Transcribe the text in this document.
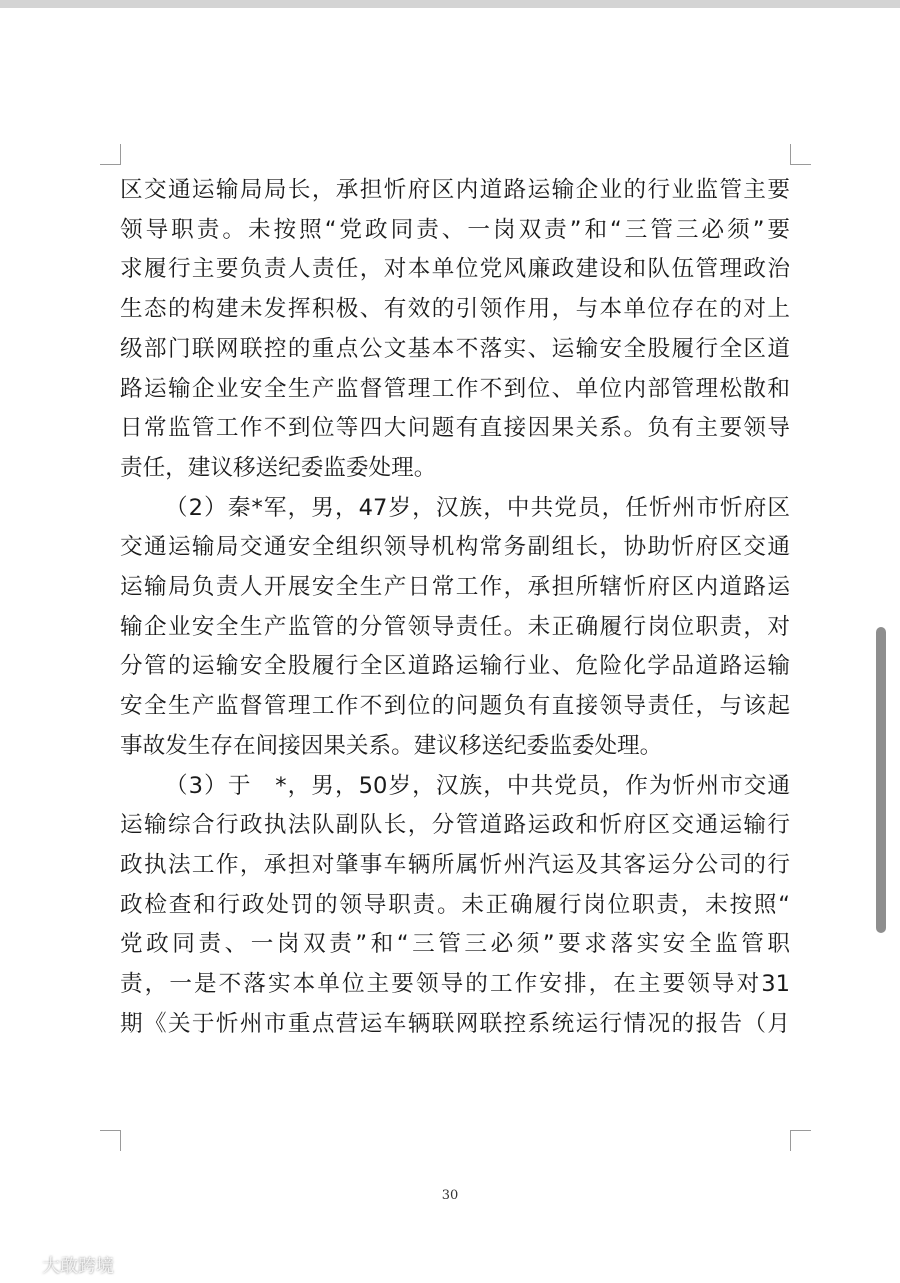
区交通运输局局长，承担忻府区内道路运输企业的行业监管主要

领导职责。未按照“党政同责、一岗双责”和“三管三必须”要

求履行主要负责人责任，对本单位党风廉政建设和队伍管理政治

生态的构建未发挥积极、有效的引领作用，与本单位存在的对上

级部门联网联控的重点公文基本不落实、运输安全股履行全区道

路运输企业安全生产监督管理工作不到位、单位内部管理松散和

日常监管工作不到位等四大问题有直接因果关系。负有主要领导

责任，建议移送纪委监委处理。

（2）秦*军，男，47岁，汉族，中共党员，任忻州市忻府区

交通运输局交通安全组织领导机构常务副组长，协助忻府区交通

运输局负责人开展安全生产日常工作，承担所辖忻府区内道路运

输企业安全生产监管的分管领导责任。未正确履行岗位职责，对

分管的运输安全股履行全区道路运输行业、危险化学品道路运输

安全生产监督管理工作不到位的问题负有直接领导责任，与该起

事故发生存在间接因果关系。建议移送纪委监委处理。

（3）于　*，男，50岁，汉族，中共党员，作为忻州市交通

运输综合行政执法队副队长，分管道路运政和忻府区交通运输行

政执法工作，承担对肇事车辆所属忻州汽运及其客运分公司的行

政检查和行政处罚的领导职责。未正确履行岗位职责，未按照“

党政同责、一岗双责”和“三管三必须”要求落实安全监管职

责，一是不落实本单位主要领导的工作安排，在主要领导对31

期《关于忻州市重点营运车辆联网联控系统运行情况的报告（月

30
大敢跨境
